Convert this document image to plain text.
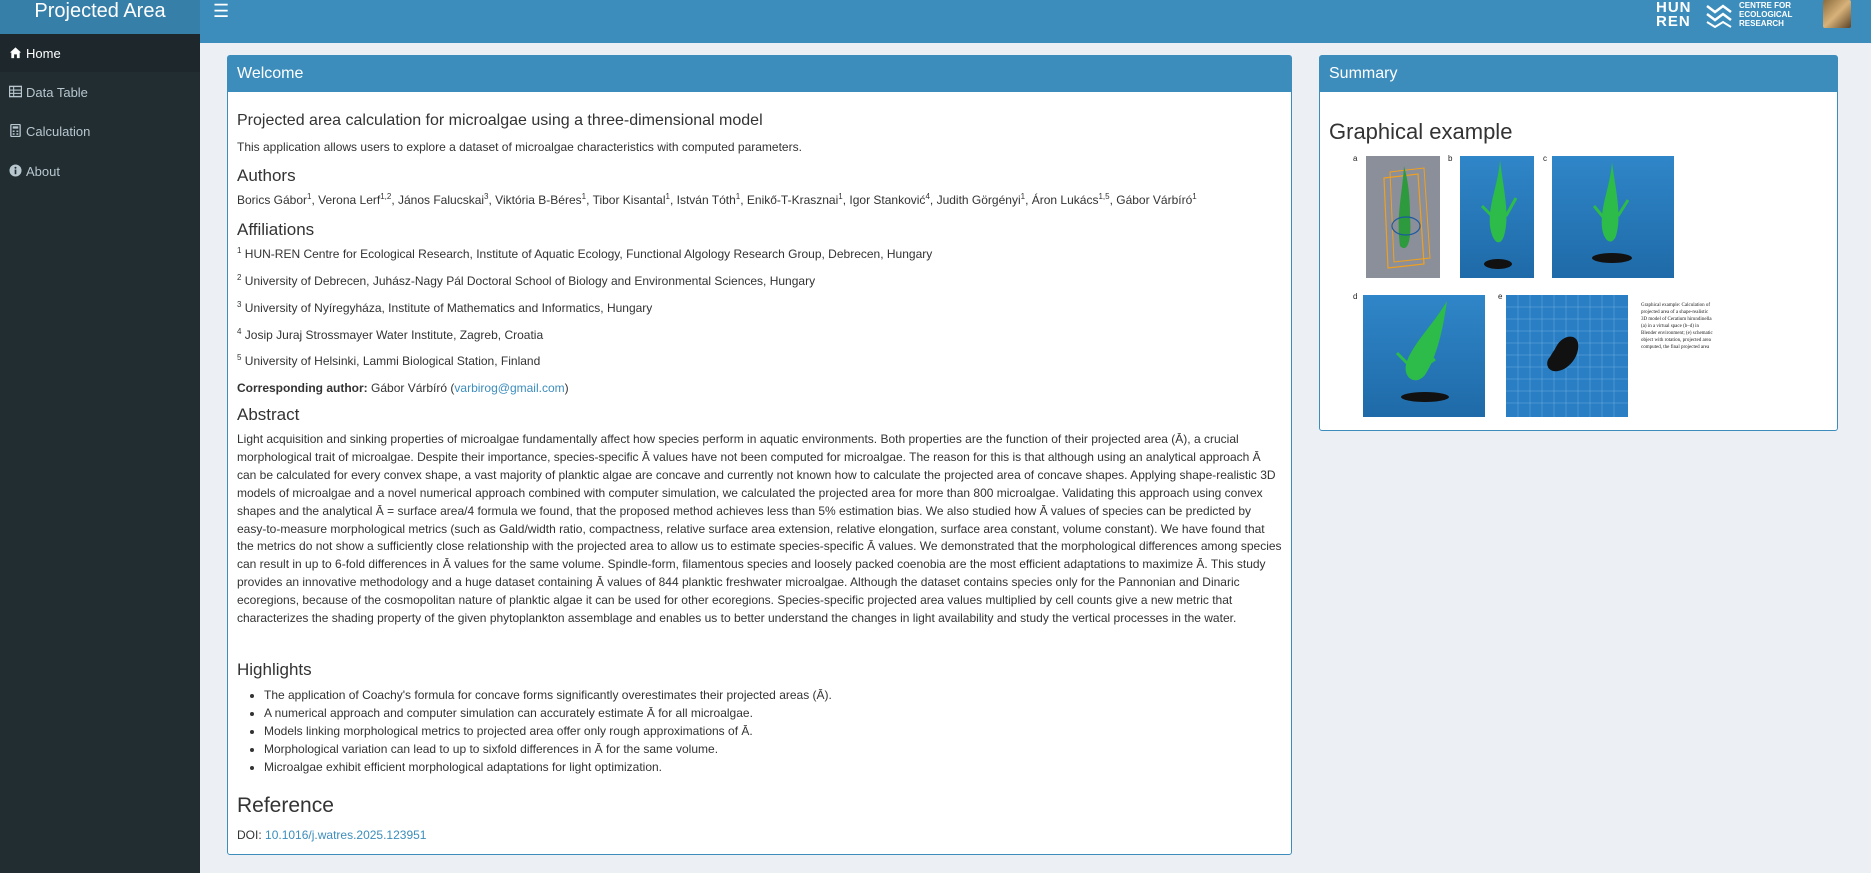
Projected Area	☰	HUN REN
CENTRE FOR ECOLOGICAL RESEARCH
Home
Data Table
Calculation
About
Welcome
Projected area calculation for microalgae using a three-dimensional model
This application allows users to explore a dataset of microalgae characteristics with computed parameters.
Authors
Borics Gábor$^1$, Verona Lerf$^{1,2}$, János Falucskai$^3$, Viktória B-Béres$^1$, Tibor Kisantal$^1$, István Tóth$^1$, Enikő-T-Krasznai$^1$, Igor Stanković$^4$, Judith Görgényi$^1$, Áron Lukács$^{1,5}$, Gábor Várbíró$^1$
Affiliations
$^1$ HUN-REN Centre for Ecological Research, Institute of Aquatic Ecology, Functional Algology Research Group, Debrecen, Hungary
$^2$ University of Debrecen, Juhász-Nagy Pál Doctoral School of Biology and Environmental Sciences, Hungary
$^3$ University of Nyíregyháza, Institute of Mathematics and Informatics, Hungary
$^4$ Josip Juraj Strossmayer Water Institute, Zagreb, Croatia
$^5$ University of Helsinki, Lammi Biological Station, Finland
Corresponding author: Gábor Várbíró (varbirog@gmail.com)
Abstract
Light acquisition and sinking properties of microalgae fundamentally affect how species perform in aquatic environments. Both properties are the function of their projected area (Ā), a crucial morphological trait of microalgae. Despite their importance, species-specific Ā values have not been computed for microalgae. The reason for this is that although using an analytical approach Ā can be calculated for every convex shape, a vast majority of planktic algae are concave and currently not known how to calculate the projected area of concave shapes. Applying shape-realistic 3D models of microalgae and a novel numerical approach combined with computer simulation, we calculated the projected area for more than 800 microalgae. Validating this approach using convex shapes and the analytical Ā = surface area/4 formula we found, that the proposed method achieves less than 5% estimation bias. We also studied how Ā values of species can be predicted by easy-to-measure morphological metrics (such as Gald/width ratio, compactness, relative surface area extension, relative elongation, surface area constant, volume constant). We have found that the metrics do not show a sufficiently close relationship with the projected area to allow us to estimate species-specific Ā values. We demonstrated that the morphological differences among species can result in up to 6-fold differences in Ā values for the same volume. Spindle-form, filamentous species and loosely packed coenobia are the most efficient adaptations to maximize Ā. This study provides an innovative methodology and a huge dataset containing Ā values of 844 planktic freshwater microalgae. Although the dataset contains species only for the Pannonian and Dinaric ecoregions, because of the cosmopolitan nature of planktic algae it can be used for other ecoregions. Species-specific projected area values multiplied by cell counts give a new metric that characterizes the shading property of the given phytoplankton assemblage and enables us to better understand the changes in light availability and study the vertical processes in the water.
Highlights
• The application of Coachy's formula for concave forms significantly overestimates their projected areas (Ā).
• A numerical approach and computer simulation can accurately estimate Ā for all microalgae.
• Models linking morphological metrics to projected area offer only rough approximations of Ā.
• Morphological variation can lead to up to sixfold differences in Ā for the same volume.
• Microalgae exhibit efficient morphological adaptations for light optimization.
Reference
DOI: 10.1016/j.watres.2025.123951
Summary
Graphical example
a	b	c
d	e
Graphical example: Calculation of projected area of a shape-realistic 3D model of Ceratium hirundinella (a) in a virtual space (b–d) in Blender environment; (e) schematic object with rotation, projected area computed, the final projected area
